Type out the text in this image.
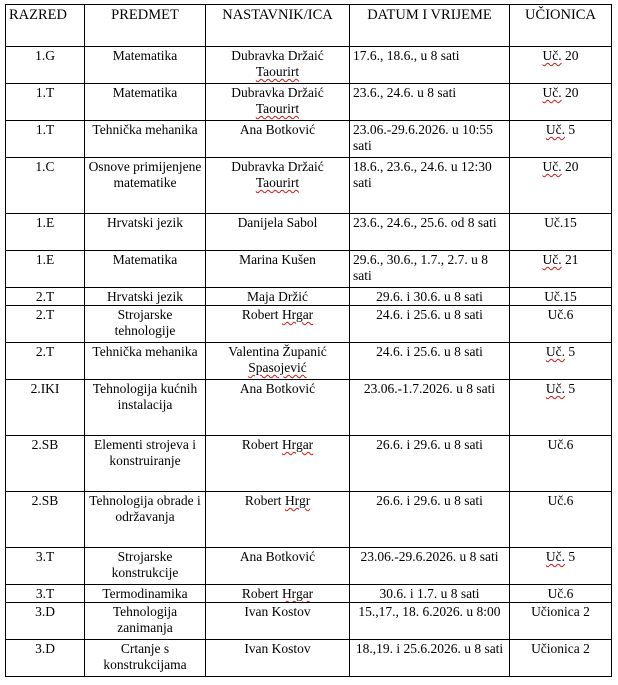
RAZRED	PREDMET	NASTAVNIK/ICA	DATUM I VRIJEME	UČIONICA
1.G	Matematika	Dubravka Držaić Taourirt	17.6., 18.6., u 8 sati	Uč. 20
1.T	Matematika	Dubravka Držaić Taourirt	23.6., 24.6. u 8 sati	Uč. 20
1.T	Tehnička mehanika	Ana Botković	23.06.-29.6.2026. u 10:55 sati	Uč. 5
1.C	Osnove primijenjene matematike	Dubravka Držaić Taourirt	18.6., 23.6., 24.6. u 12:30 sati	Uč. 20
1.E	Hrvatski jezik	Danijela Sabol	23.6., 24.6., 25.6. od 8 sati	Uč.15
1.E	Matematika	Marina Kušen	29.6., 30.6., 1.7., 2.7. u 8 sati	Uč. 21
2.T	Hrvatski jezik	Maja Držić	29.6. i 30.6. u 8 sati	Uč.15
2.T	Strojarske tehnologije	Robert Hrgar	24.6. i 25.6. u 8 sati	Uč.6
2.T	Tehnička mehanika	Valentina Županić Spasojević	24.6. i 25.6. u 8 sati	Uč. 5
2.IKI	Tehnologija kućnih instalacija	Ana Botković	23.06.-1.7.2026. u 8 sati	Uč. 5
2.SB	Elementi strojeva i konstruiranje	Robert Hrgar	26.6. i 29.6. u 8 sati	Uč.6
2.SB	Tehnologija obrade i održavanja	Robert Hrgr	26.6. i 29.6. u 8 sati	Uč.6
3.T	Strojarske konstrukcije	Ana Botković	23.06.-29.6.2026. u 8 sati	Uč. 5
3.T	Termodinamika	Robert Hrgar	30.6. i 1.7. u 8 sati	Uč.6
3.D	Tehnologija zanimanja	Ivan Kostov	15.,17., 18. 6.2026. u 8:00	Učionica 2
3.D	Crtanje s konstrukcijama	Ivan Kostov	18.,19. i 25.6.2026. u 8 sati	Učionica 2
